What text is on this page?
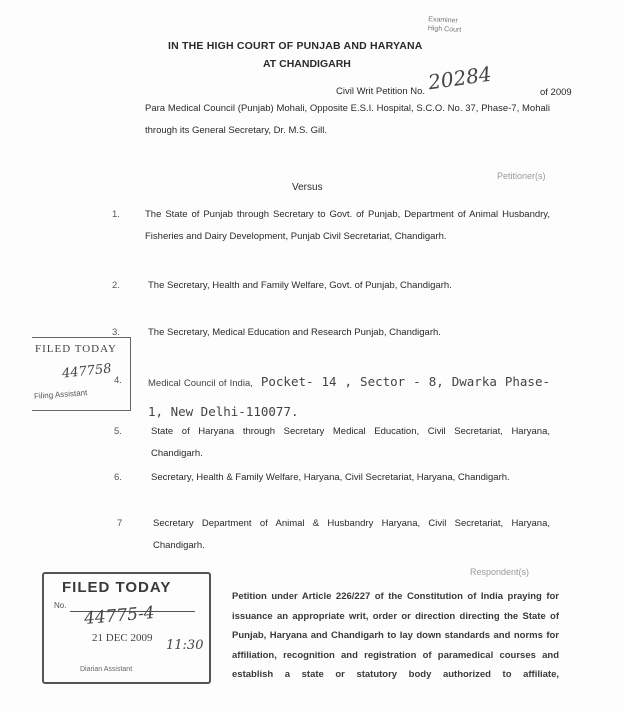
Examiner
High Court
IN THE HIGH COURT OF PUNJAB AND HARYANA
AT CHANDIGARH
Civil Writ Petition No. 20284	of 2009
Para Medical Council (Punjab) Mohali, Opposite E.S.I. Hospital, S.C.O. No. 37, Phase-7, Mohali through its General Secretary, Dr. M.S. Gill.
Petitioner(s)
Versus
1.	The State of Punjab through Secretary to Govt. of Punjab, Department of Animal Husbandry, Fisheries and Dairy Development, Punjab Civil Secretariat, Chandigarh.
2.	The Secretary, Health and Family Welfare, Govt. of Punjab, Chandigarh.
3.	The Secretary, Medical Education and Research Punjab, Chandigarh.
4.	Medical Council of India, Pocket- 14 , Sector - 8, Dwarka Phase-1, New Delhi-110077.
5.	State of Haryana through Secretary Medical Education, Civil Secretariat, Haryana, Chandigarh.
6.	Secretary, Health & Family Welfare, Haryana, Civil Secretariat, Haryana, Chandigarh.
7	Secretary Department of Animal & Husbandry Haryana, Civil Secretariat, Haryana, Chandigarh.
Respondent(s)
Petition under Article 226/227 of the Constitution of India praying for issuance an appropriate writ, order or direction directing the State of Punjab, Haryana and Chandigarh to lay down standards and norms for affiliation, recognition and registration of paramedical courses and establish a state or statutory body authorized to affiliate,
FILED TODAY
447758
Filing Assistant
FILED TODAY
No. 44775-4
21 DEC 2009 11:30
Diarian Assistant
